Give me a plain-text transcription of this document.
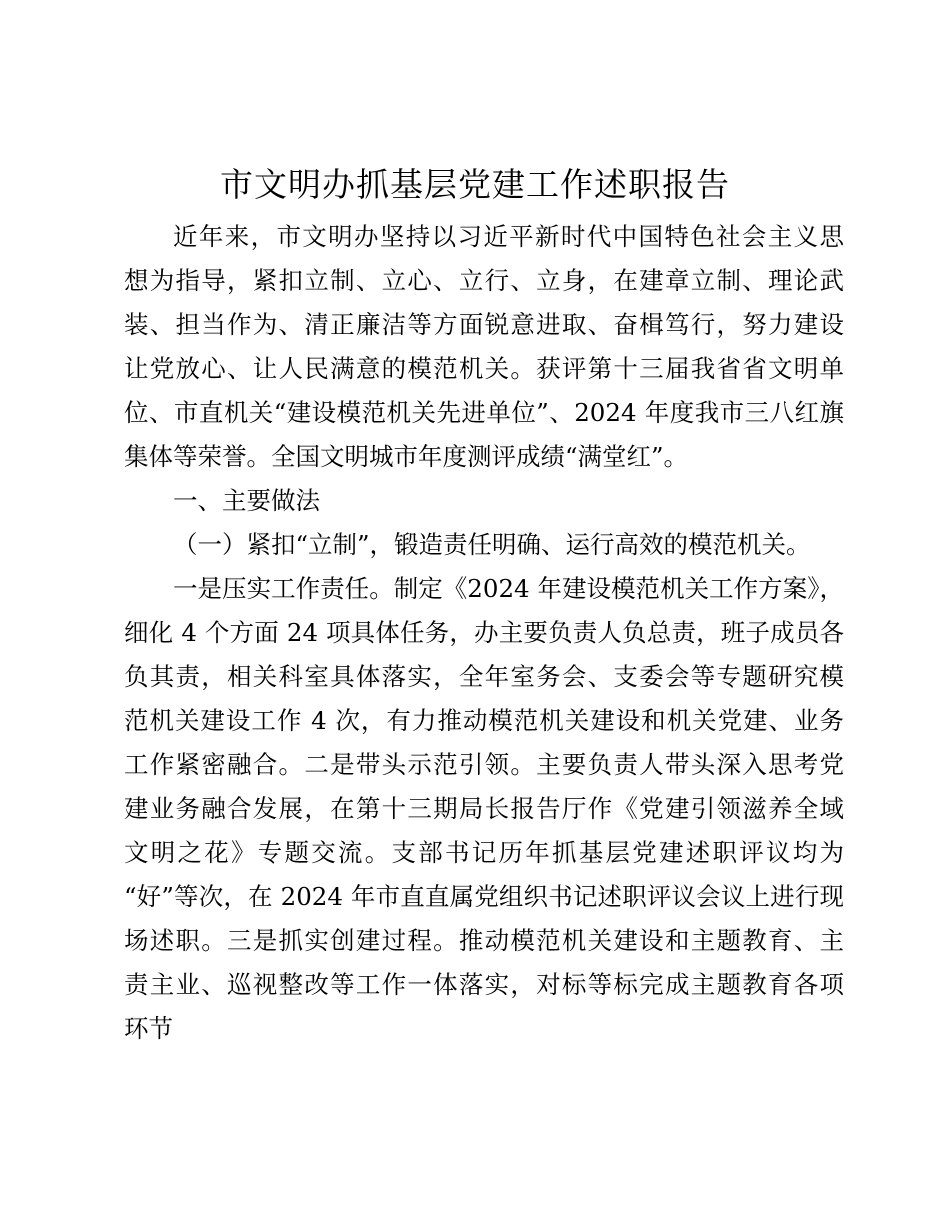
市文明办抓基层党建工作述职报告
近年来，市文明办坚持以习近平新时代中国特色社会主义思
想为指导，紧扣立制、立心、立行、立身，在建章立制、理论武
装、担当作为、清正廉洁等方面锐意进取、奋楫笃行，努力建设
让党放心、让人民满意的模范机关。获评第十三届我省省文明单
位、市直机关“建设模范机关先进单位”、2024 年度我市三八红旗
集体等荣誉。全国文明城市年度测评成绩“满堂红”。
一、主要做法
（一）紧扣“立制”，锻造责任明确、运行高效的模范机关。
一是压实工作责任。制定《2024 年建设模范机关工作方案》，
细化 4 个方面 24 项具体任务，办主要负责人负总责，班子成员各
负其责，相关科室具体落实，全年室务会、支委会等专题研究模
范机关建设工作 4 次，有力推动模范机关建设和机关党建、业务
工作紧密融合。二是带头示范引领。主要负责人带头深入思考党
建业务融合发展，在第十三期局长报告厅作《党建引领滋养全域
文明之花》专题交流。支部书记历年抓基层党建述职评议均为
“好”等次，在 2024 年市直直属党组织书记述职评议会议上进行现
场述职。三是抓实创建过程。推动模范机关建设和主题教育、主
责主业、巡视整改等工作一体落实，对标等标完成主题教育各项
环节
